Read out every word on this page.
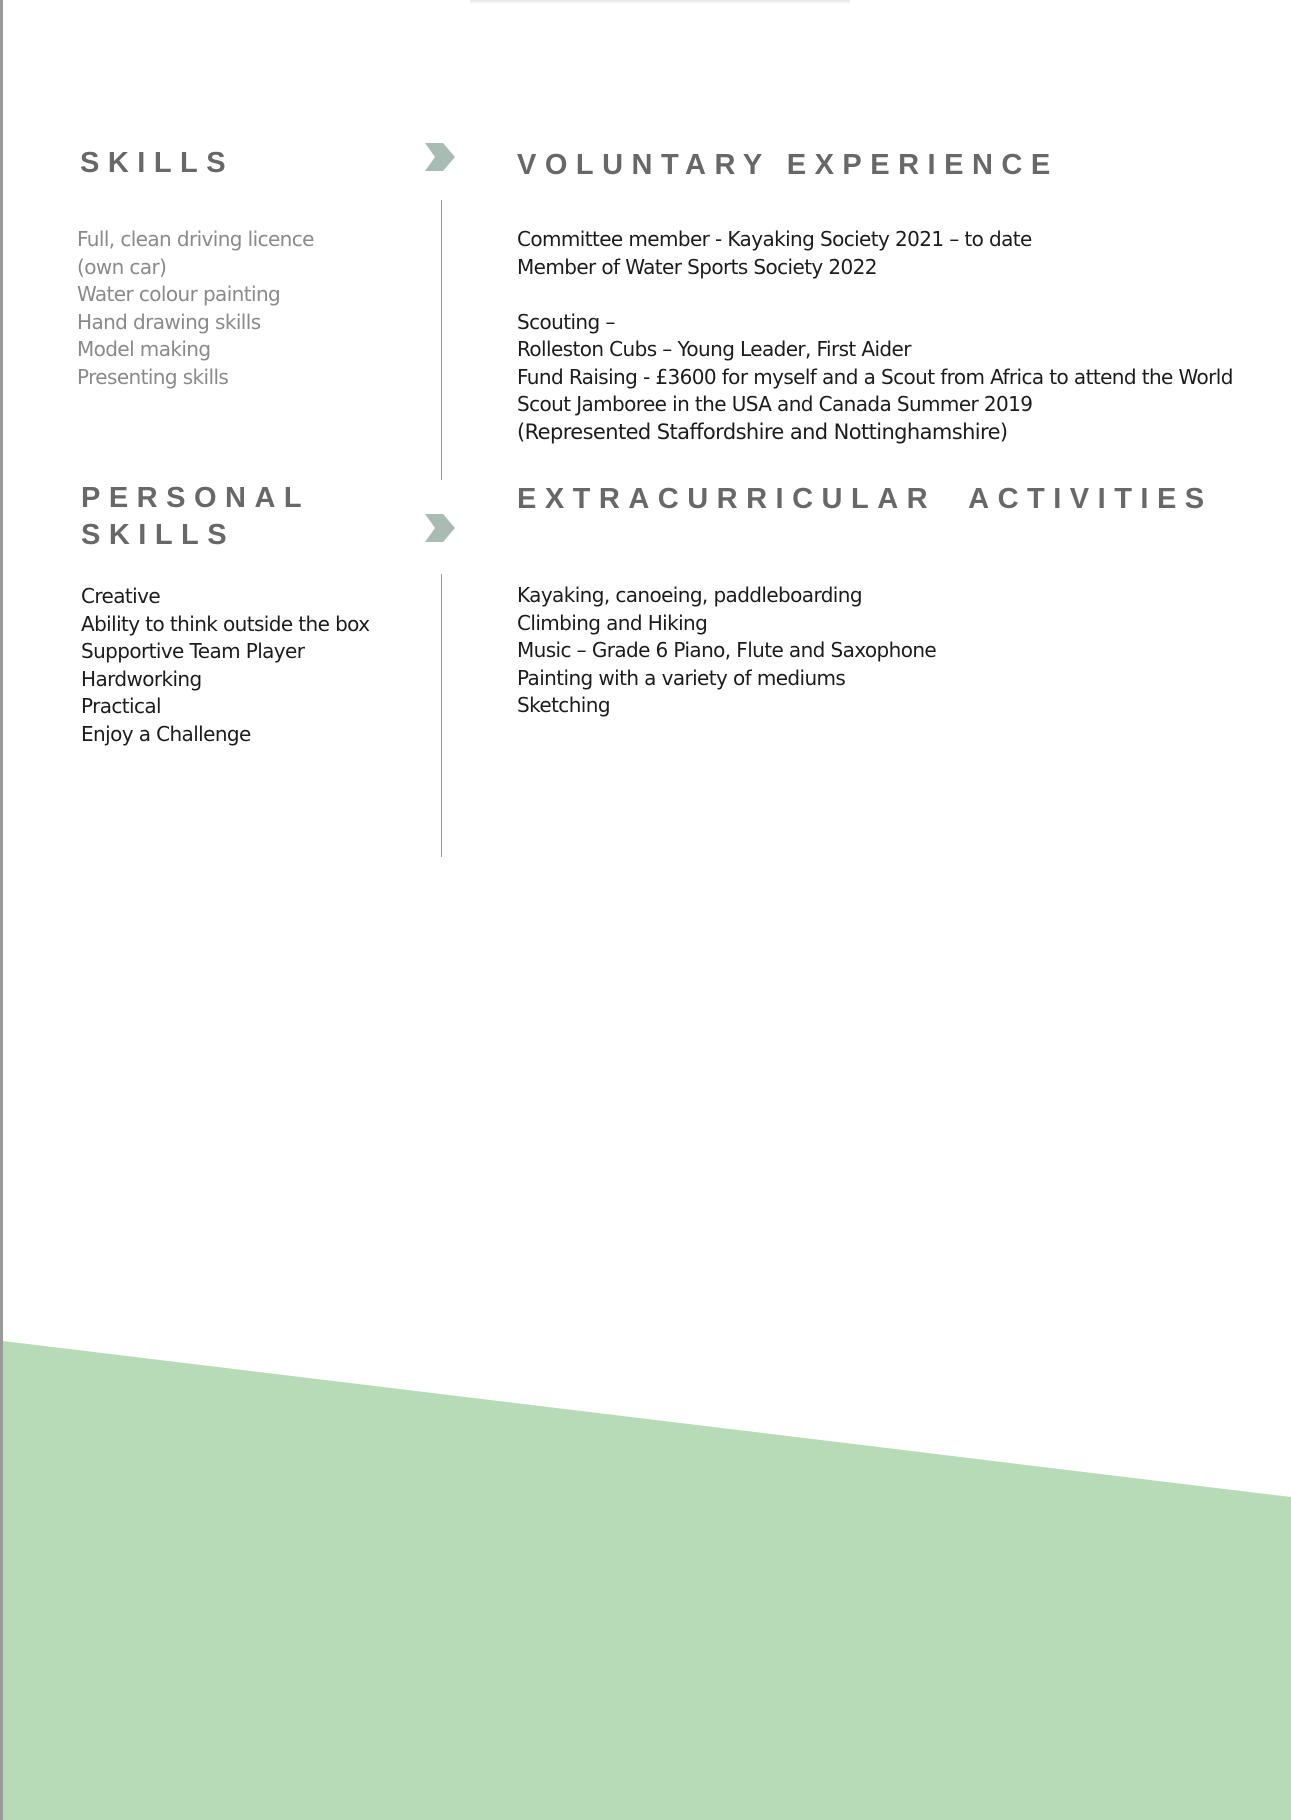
SKILLS
Full, clean driving licence
(own car)
Water colour painting
Hand drawing skills
Model making
Presenting skills
VOLUNTARY EXPERIENCE
Committee member - Kayaking Society 2021 – to date
Member of Water Sports Society 2022
Scouting –
Rolleston Cubs – Young Leader, First Aider
Fund Raising - £3600 for myself and a Scout from Africa to attend the World
Scout Jamboree in the USA and Canada Summer 2019
(Represented Staffordshire and Nottinghamshire)
PERSONAL
SKILLS
Creative
Ability to think outside the box
Supportive Team Player
Hardworking
Practical
Enjoy a Challenge
EXTRACURRICULAR  ACTIVITIES
Kayaking, canoeing, paddleboarding
Climbing and Hiking
Music – Grade 6 Piano, Flute and Saxophone
Painting with a variety of mediums
Sketching
